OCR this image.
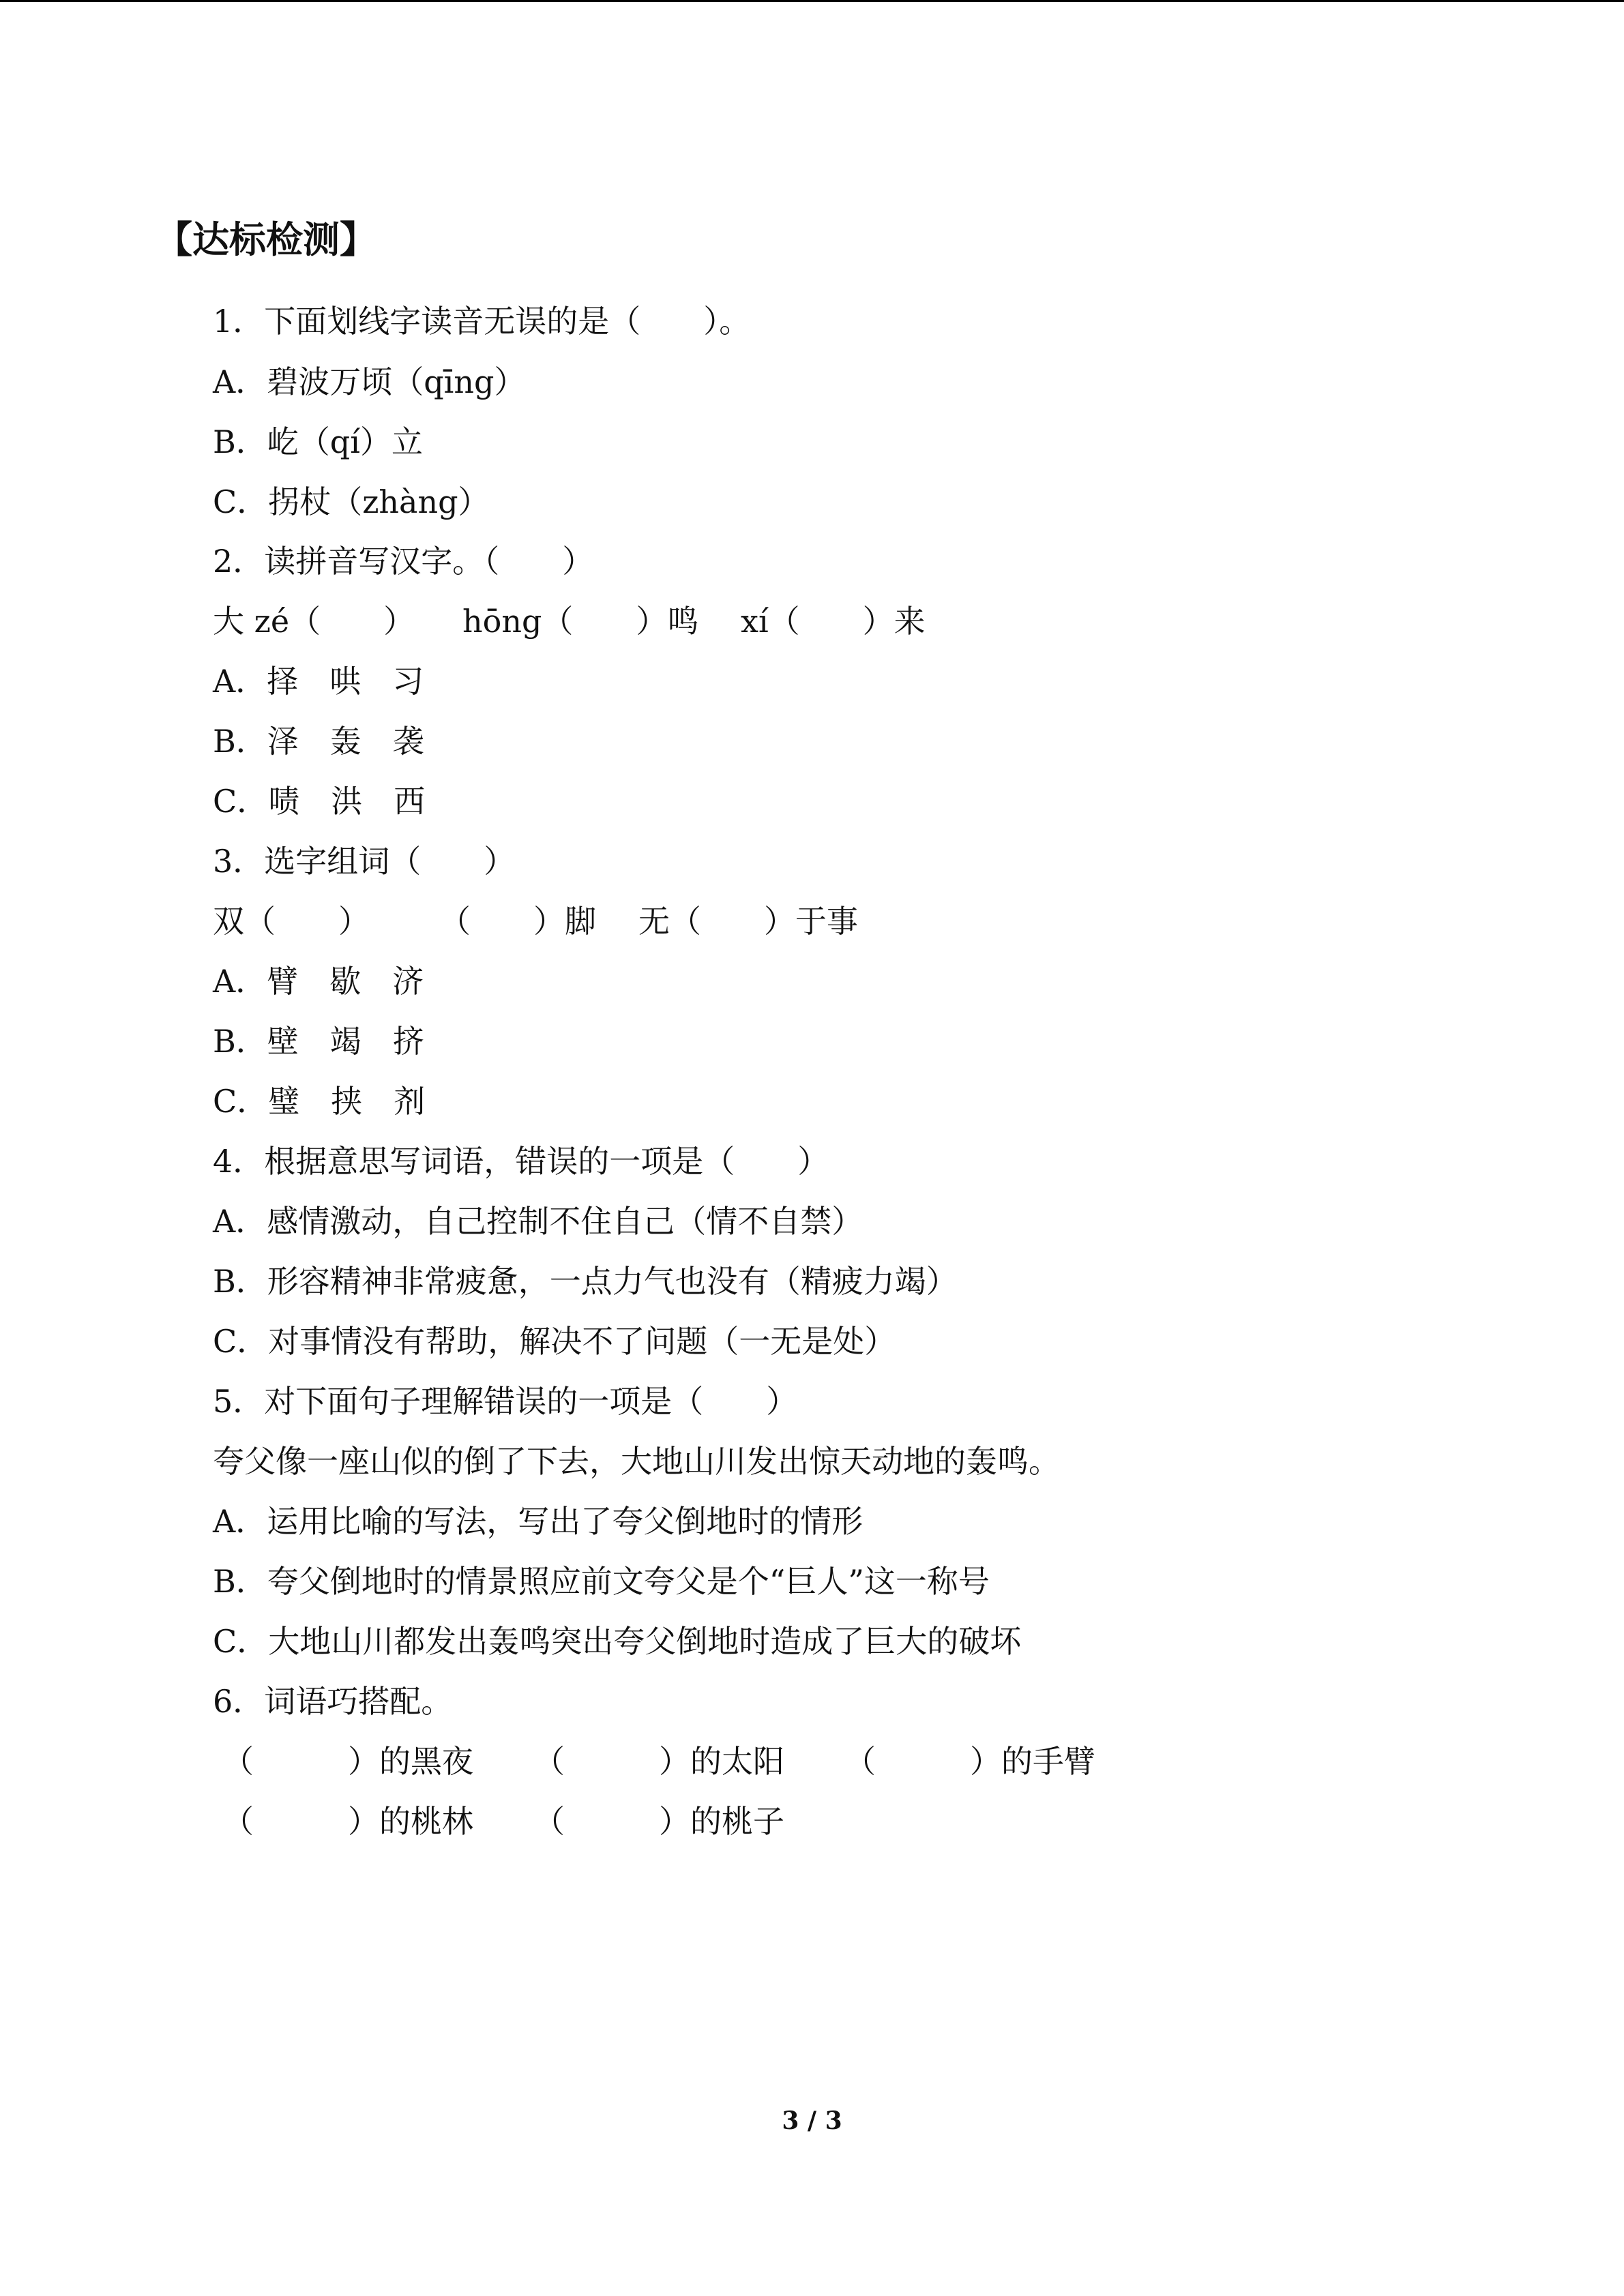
【达标检测】
1．下面划线字读音无误的是（　　）。
A．碧波万顷（qīng）
B．屹（qí）立
C．拐杖（zhàng）
2．读拼音写汉字。（　　）
大 zé（　　） hōng（　　）鸣 xí（　　）来
A．择　哄　习
B．泽　轰　袭
C．啧　洪　西
3．选字组词（　　）
双（　　） （　　）脚 无（　　）于事
A．臂　歇　济
B．壁　竭　挤
C．璧　挟　剂
4．根据意思写词语，错误的一项是（　　）
A．感情激动，自己控制不住自己（情不自禁）
B．形容精神非常疲惫，一点力气也没有（精疲力竭）
C．对事情没有帮助，解决不了问题（一无是处）
5．对下面句子理解错误的一项是（　　）
夸父像一座山似的倒了下去，大地山川发出惊天动地的轰鸣。
A．运用比喻的写法，写出了夸父倒地时的情形
B．夸父倒地时的情景照应前文夸父是个“巨人”这一称号
C．大地山川都发出轰鸣突出夸父倒地时造成了巨大的破坏
6．词语巧搭配。
（　　　）的黑夜 （　　　）的太阳 （　　　）的手臂
（　　　）的桃林 （　　　）的桃子
3 / 3
